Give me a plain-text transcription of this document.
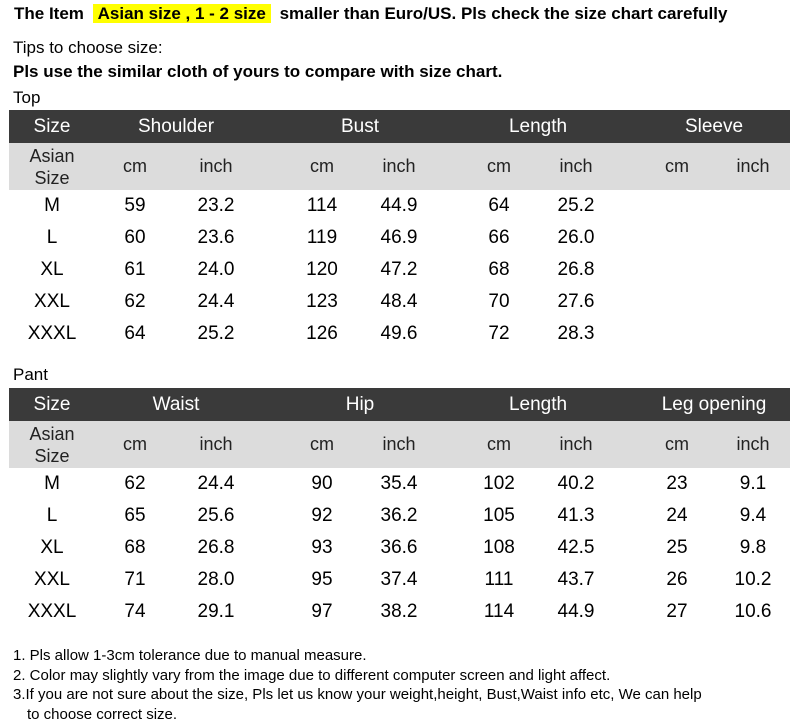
The Item Asian size , 1 - 2 size smaller than Euro/US. Pls check the size chart carefully
Tips to choose size:
Pls use the similar cloth of yours to compare with size chart.
Top
Size	Shoulder	Bust	Length	Sleeve
Asian
Size
cm	inch	cm	inch	cm	inch	cm	inch
M	59	23.2	114	44.9	64	25.2
L	60	23.6	119	46.9	66	26.0
XL	61	24.0	120	47.2	68	26.8
XXL	62	24.4	123	48.4	70	27.6
XXXL	64	25.2	126	49.6	72	28.3
Pant
Size	Waist	Hip	Length	Leg opening
Asian
Size
cm	inch	cm	inch	cm	inch	cm	inch
M	62	24.4	90	35.4	102	40.2	23	9.1
L	65	25.6	92	36.2	105	41.3	24	9.4
XL	68	26.8	93	36.6	108	42.5	25	9.8
XXL	71	28.0	95	37.4	111	43.7	26	10.2
XXXL	74	29.1	97	38.2	114	44.9	27	10.6
1. Pls allow 1-3cm tolerance due to manual measure.
2. Color may slightly vary from the image due to different computer screen and light affect.
3.If you are not sure about the size, Pls let us know your weight,height, Bust,Waist info etc, We can help
to choose correct size.
